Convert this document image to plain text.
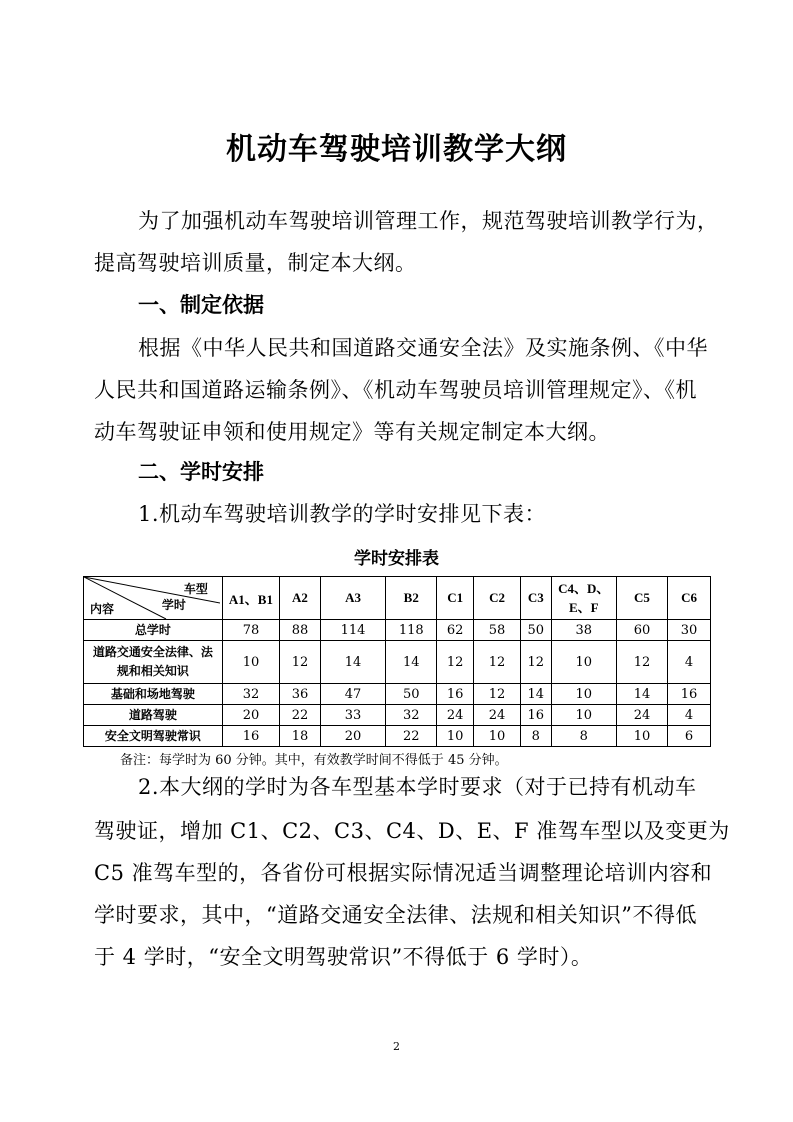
机动车驾驶培训教学大纲
为了加强机动车驾驶培训管理工作，规范驾驶培训教学行为，
提高驾驶培训质量，制定本大纲。
一、制定依据
根据《中华人民共和国道路交通安全法》及实施条例、《中华
人民共和国道路运输条例》、《机动车驾驶员培训管理规定》、《机
动车驾驶证申领和使用规定》等有关规定制定本大纲。
二、学时安排
1.机动车驾驶培训教学的学时安排见下表：
学时安排表
车型
学时
内容	A1、B1	A2	A3	B2	C1	C2	C3	C4、D、E、F	C5	C6
总学时	78	88	114	118	62	58	50	38	60	30
道路交通安全法律、法规和相关知识	10	12	14	14	12	12	12	10	12	4
基础和场地驾驶	32	36	47	50	16	12	14	10	14	16
道路驾驶	20	22	33	32	24	24	16	10	24	4
安全文明驾驶常识	16	18	20	22	10	10	8	8	10	6
备注：每学时为 60 分钟。其中，有效教学时间不得低于 45 分钟。
2.本大纲的学时为各车型基本学时要求（对于已持有机动车
驾驶证，增加 C1、C2、C3、C4、D、E、F 准驾车型以及变更为
C5 准驾车型的，各省份可根据实际情况适当调整理论培训内容和
学时要求，其中，“道路交通安全法律、法规和相关知识”不得低
于 4 学时，“安全文明驾驶常识”不得低于 6 学时）。
2
